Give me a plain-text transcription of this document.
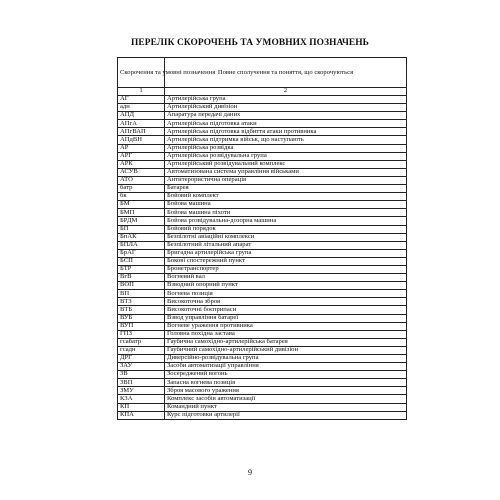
ПЕРЕЛІК СКОРОЧЕНЬ ТА УМОВНИХ ПОЗНАЧЕНЬ
Скорочення та умовні позначення	Повне сполучення та поняття, що скорочуються
1	2
АГ	Артилерійська група
адн	Артилерійський дивізіон
АПД	Апаратура передачі даних
АПгА	Артилерійська підготовка атаки
АПгВАП	Артилерійська підготовка відбиття атаки противника
АПдВН	Артилерійська підтримка військ, що наступають
АР	Артилерійська розвідка
АРГ	Артилерійська розвідувальна група
АРК	Артилерійський розвідувальний комплекс
АСУВ	Автоматизована система управління військами
АТО	Антитерористична операція
батр	Батарея
бк	Бойовий комплект
БМ	Бойова машина
БМП	Бойова машина піхоти
БРДМ	Бойова розвідувальна-дозорна машина
БП	Бойовий порядок
БпАК	Безпілотні авіаційні комплекси
БПЛА	Безпілотний літальний апарат
БрАГ	Бригадна артилерійська група
БСП	Бокові спостережний пункт
БТР	Бронетранспортер
ВгВ	Вогневий вал
ВОП	Взводний опорний пункт
ВП	Вогнева позиція
ВТЗ	Високоточна зброя
ВТБ	Високоточні боєприпаси
ВУБ	Взвод управління батареї
ВУП	Вогневе ураження противника
ГПЗ	Головна похідна застава
гсабатр	Гаубична самохідно-артилерійська батарея
гсадн	Гаубичний самохідно-артилерійський дивізіон
ДРГ	Диверсійно-розвідувальна група
ЗАУ	Засоби автоматизації управління
ЗВ	Зосереджений вогонь
ЗВП	Запасна вогнева позиція
ЗМУ	Зброя масового ураження
КЗА	Комплекс засобів автоматизації
КП	Командний пункт
КПА	Курс підготовки артилерії
9
